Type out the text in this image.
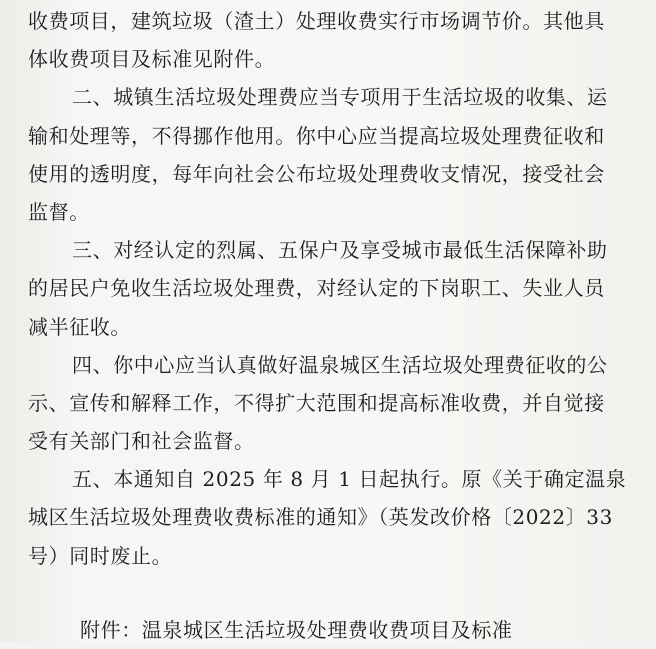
收费项目，建筑垃圾（渣土）处理收费实行市场调节价。其他具
体收费项目及标准见附件。
二、城镇生活垃圾处理费应当专项用于生活垃圾的收集、运
输和处理等，不得挪作他用。你中心应当提高垃圾处理费征收和
使用的透明度，每年向社会公布垃圾处理费收支情况，接受社会
监督。
三、对经认定的烈属、五保户及享受城市最低生活保障补助
的居民户免收生活垃圾处理费，对经认定的下岗职工、失业人员
减半征收。
四、你中心应当认真做好温泉城区生活垃圾处理费征收的公
示、宣传和解释工作，不得扩大范围和提高标准收费，并自觉接
受有关部门和社会监督。
五、本通知自 2025 年 8 月 1 日起执行。原《关于确定温泉
城区生活垃圾处理费收费标准的通知》（英发改价格〔2022〕33
号）同时废止。
附件：温泉城区生活垃圾处理费收费项目及标准
